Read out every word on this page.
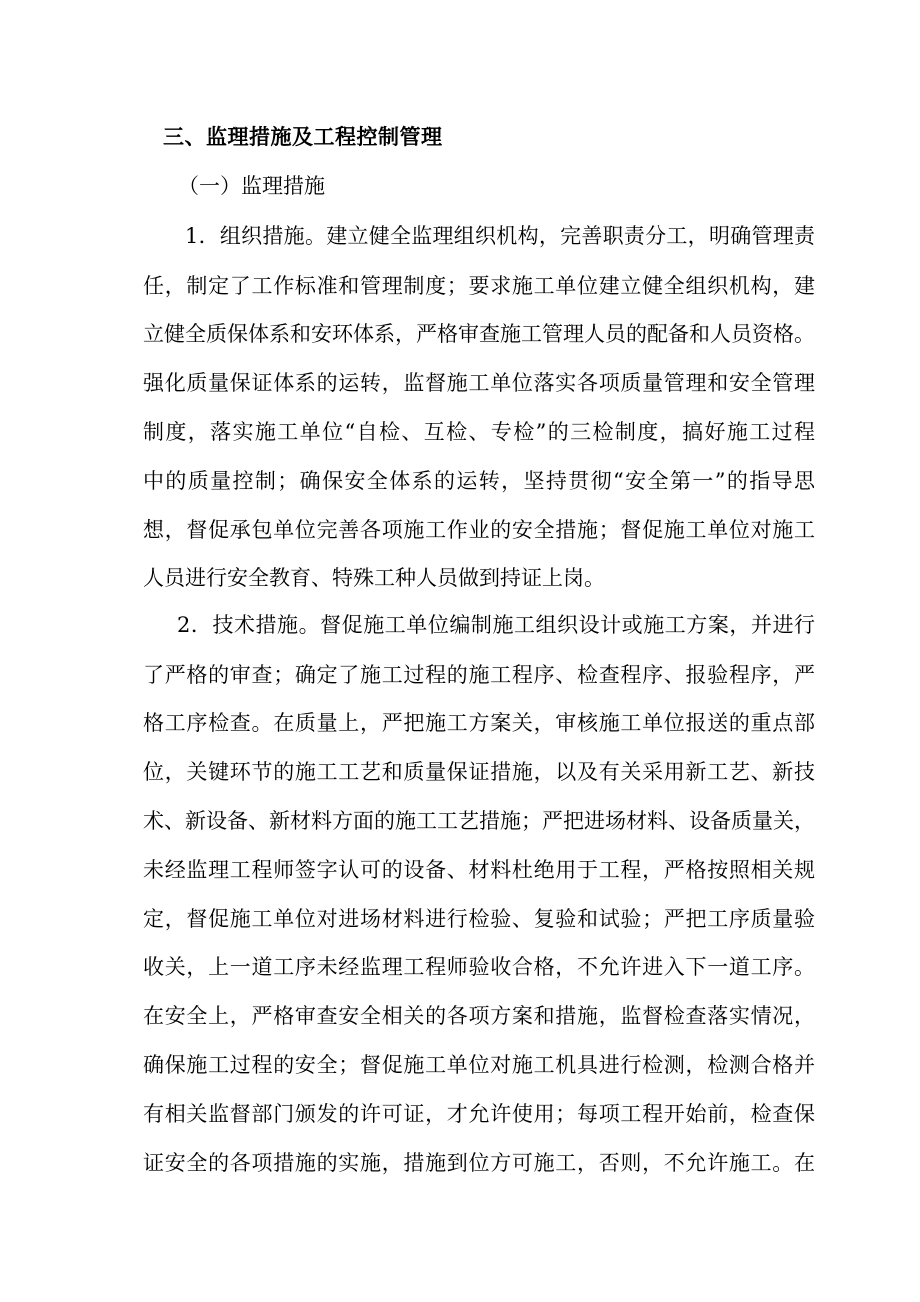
三、监理措施及工程控制管理
（一）监理措施
1．组织措施。建立健全监理组织机构，完善职责分工，明确管理责
任，制定了工作标准和管理制度；要求施工单位建立健全组织机构，建
立健全质保体系和安环体系，严格审查施工管理人员的配备和人员资格。
强化质量保证体系的运转，监督施工单位落实各项质量管理和安全管理
制度，落实施工单位“自检、互检、专检”的三检制度，搞好施工过程
中的质量控制；确保安全体系的运转，坚持贯彻“安全第一”的指导思
想，督促承包单位完善各项施工作业的安全措施；督促施工单位对施工
人员进行安全教育、特殊工种人员做到持证上岗。
2．技术措施。督促施工单位编制施工组织设计或施工方案，并进行
了严格的审查；确定了施工过程的施工程序、检查程序、报验程序，严
格工序检查。在质量上，严把施工方案关，审核施工单位报送的重点部
位，关键环节的施工工艺和质量保证措施，以及有关采用新工艺、新技
术、新设备、新材料方面的施工工艺措施；严把进场材料、设备质量关，
未经监理工程师签字认可的设备、材料杜绝用于工程，严格按照相关规
定，督促施工单位对进场材料进行检验、复验和试验；严把工序质量验
收关，上一道工序未经监理工程师验收合格，不允许进入下一道工序。
在安全上，严格审查安全相关的各项方案和措施，监督检查落实情况，
确保施工过程的安全；督促施工单位对施工机具进行检测，检测合格并
有相关监督部门颁发的许可证，才允许使用；每项工程开始前，检查保
证安全的各项措施的实施，措施到位方可施工，否则，不允许施工。在
